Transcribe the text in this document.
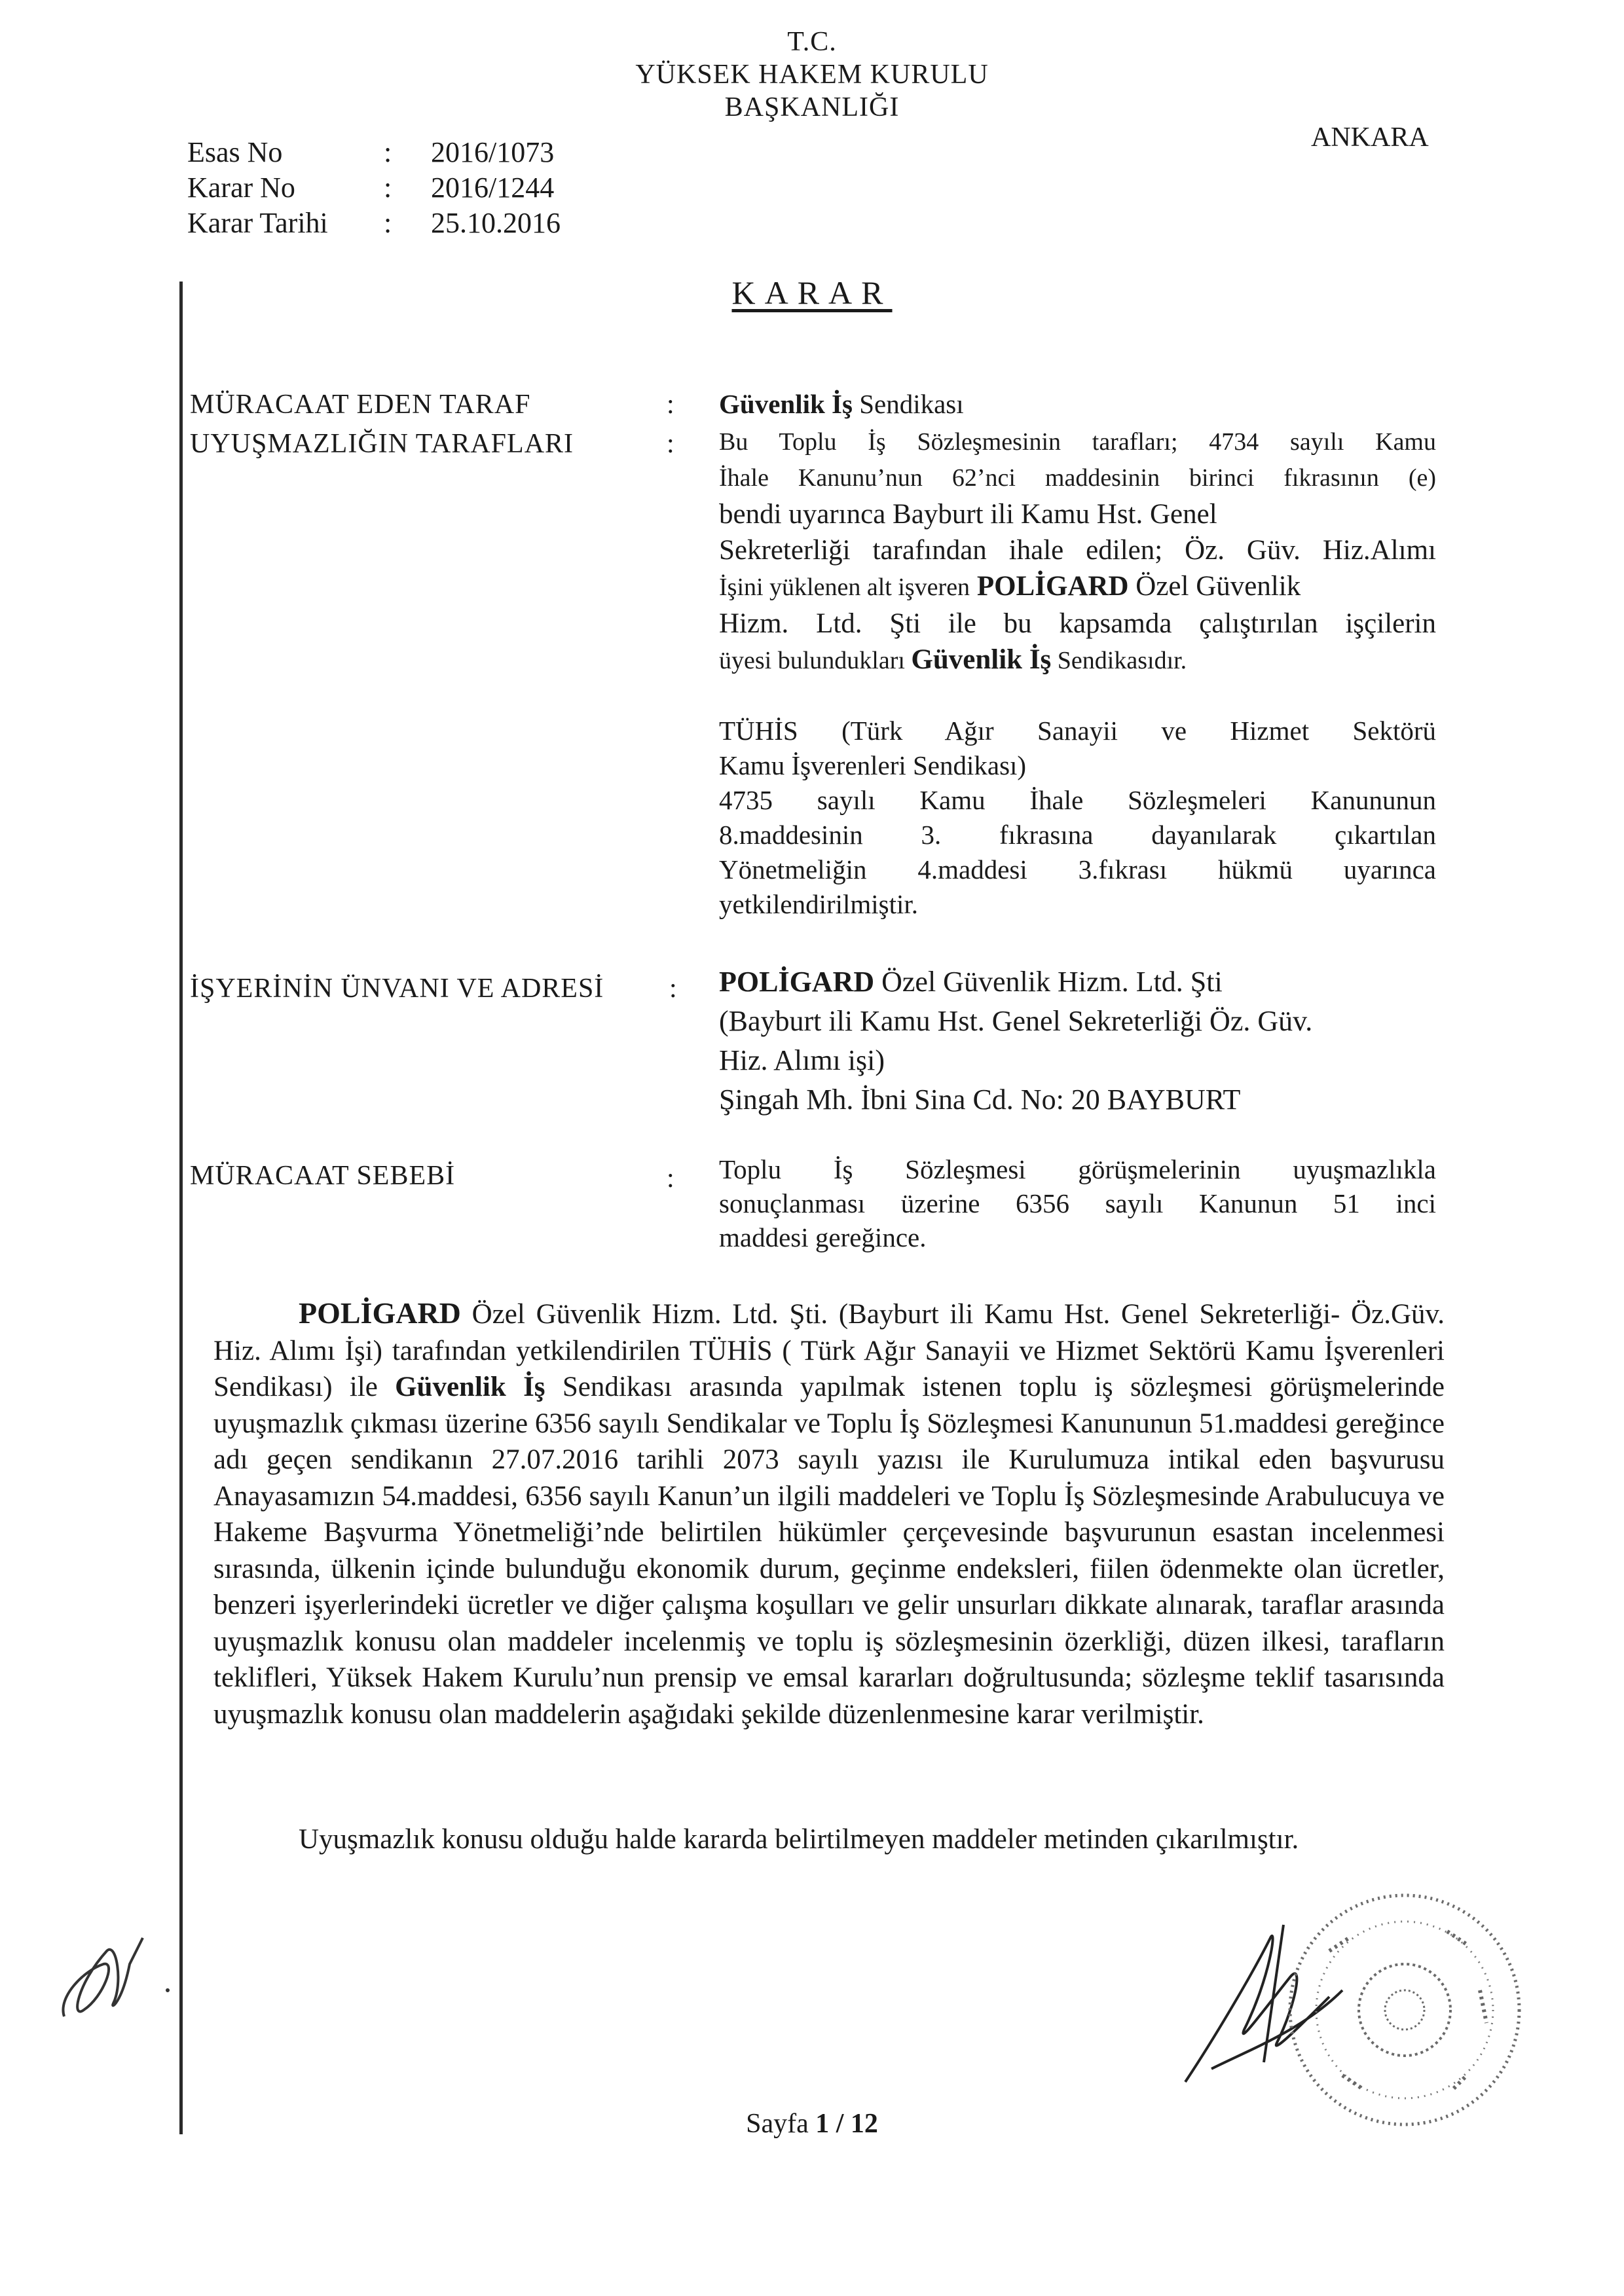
T.C.
YÜKSEK HAKEM KURULU
BAŞKANLIĞI
ANKARA
Esas No	: 2016/1073
Karar No	: 2016/1244
Karar Tarihi : 25.10.2016
KARAR
MÜRACAAT EDEN TARAF	: Güvenlik İş Sendikası
UYUŞMAZLIĞIN TARAFLARI	: Bu Toplu İş Sözleşmesinin tarafları; 4734 sayılı Kamu
İhale Kanunu’nun 62’nci maddesinin birinci fıkrasının (e)
bendi uyarınca Bayburt ili Kamu Hst. Genel
Sekreterliği tarafından ihale edilen; Öz. Güv. Hiz.Alımı
İşini yüklenen alt işveren POLİGARD Özel Güvenlik
Hizm. Ltd. Şti ile bu kapsamda çalıştırılan işçilerin
üyesi bulundukları Güvenlik İş Sendikasıdır.
TÜHİS (Türk Ağır Sanayii ve Hizmet Sektörü
Kamu İşverenleri Sendikası)
4735 sayılı Kamu İhale Sözleşmeleri Kanununun
8.maddesinin 3. fıkrasına dayanılarak çıkartılan
Yönetmeliğin 4.maddesi 3.fıkrası hükmü uyarınca
yetkilendirilmiştir.
İŞYERİNİN ÜNVANI VE ADRESİ : POLİGARD Özel Güvenlik Hizm. Ltd. Şti
(Bayburt ili Kamu Hst. Genel Sekreterliği Öz. Güv.
Hiz. Alımı işi)
Şingah Mh. İbni Sina Cd. No: 20 BAYBURT
MÜRACAAT SEBEBİ	: Toplu İş Sözleşmesi görüşmelerinin uyuşmazlıkla
sonuçlanması üzerine 6356 sayılı Kanunun 51 inci
maddesi gereğince.
POLİGARD Özel Güvenlik Hizm. Ltd. Şti. (Bayburt ili Kamu Hst. Genel Sekreterliği- Öz.Güv. Hiz. Alımı İşi) tarafından yetkilendirilen TÜHİS ( Türk Ağır Sanayii ve Hizmet Sektörü Kamu İşverenleri Sendikası) ile Güvenlik İş Sendikası arasında yapılmak istenen toplu iş sözleşmesi görüşmelerinde uyuşmazlık çıkması üzerine 6356 sayılı Sendikalar ve Toplu İş Sözleşmesi Kanununun 51.maddesi gereğince adı geçen sendikanın 27.07.2016 tarihli 2073 sayılı yazısı ile Kurulumuza intikal eden başvurusu Anayasamızın 54.maddesi, 6356 sayılı Kanun’un ilgili maddeleri ve Toplu İş Sözleşmesinde Arabulucuya ve Hakeme Başvurma Yönetmeliği’nde belirtilen hükümler çerçevesinde başvurunun esastan incelenmesi sırasında, ülkenin içinde bulunduğu ekonomik durum, geçinme endeksleri, fiilen ödenmekte olan ücretler, benzeri işyerlerindeki ücretler ve diğer çalışma koşulları ve gelir unsurları dikkate alınarak, taraflar arasında uyuşmazlık konusu olan maddeler incelenmiş ve toplu iş sözleşmesinin özerkliği, düzen ilkesi, tarafların teklifleri, Yüksek Hakem Kurulu’nun prensip ve emsal kararları doğrultusunda; sözleşme teklif tasarısında uyuşmazlık konusu olan maddelerin aşağıdaki şekilde düzenlenmesine karar verilmiştir.
Uyuşmazlık konusu olduğu halde kararda belirtilmeyen maddeler metinden çıkarılmıştır.
Sayfa 1 / 12
